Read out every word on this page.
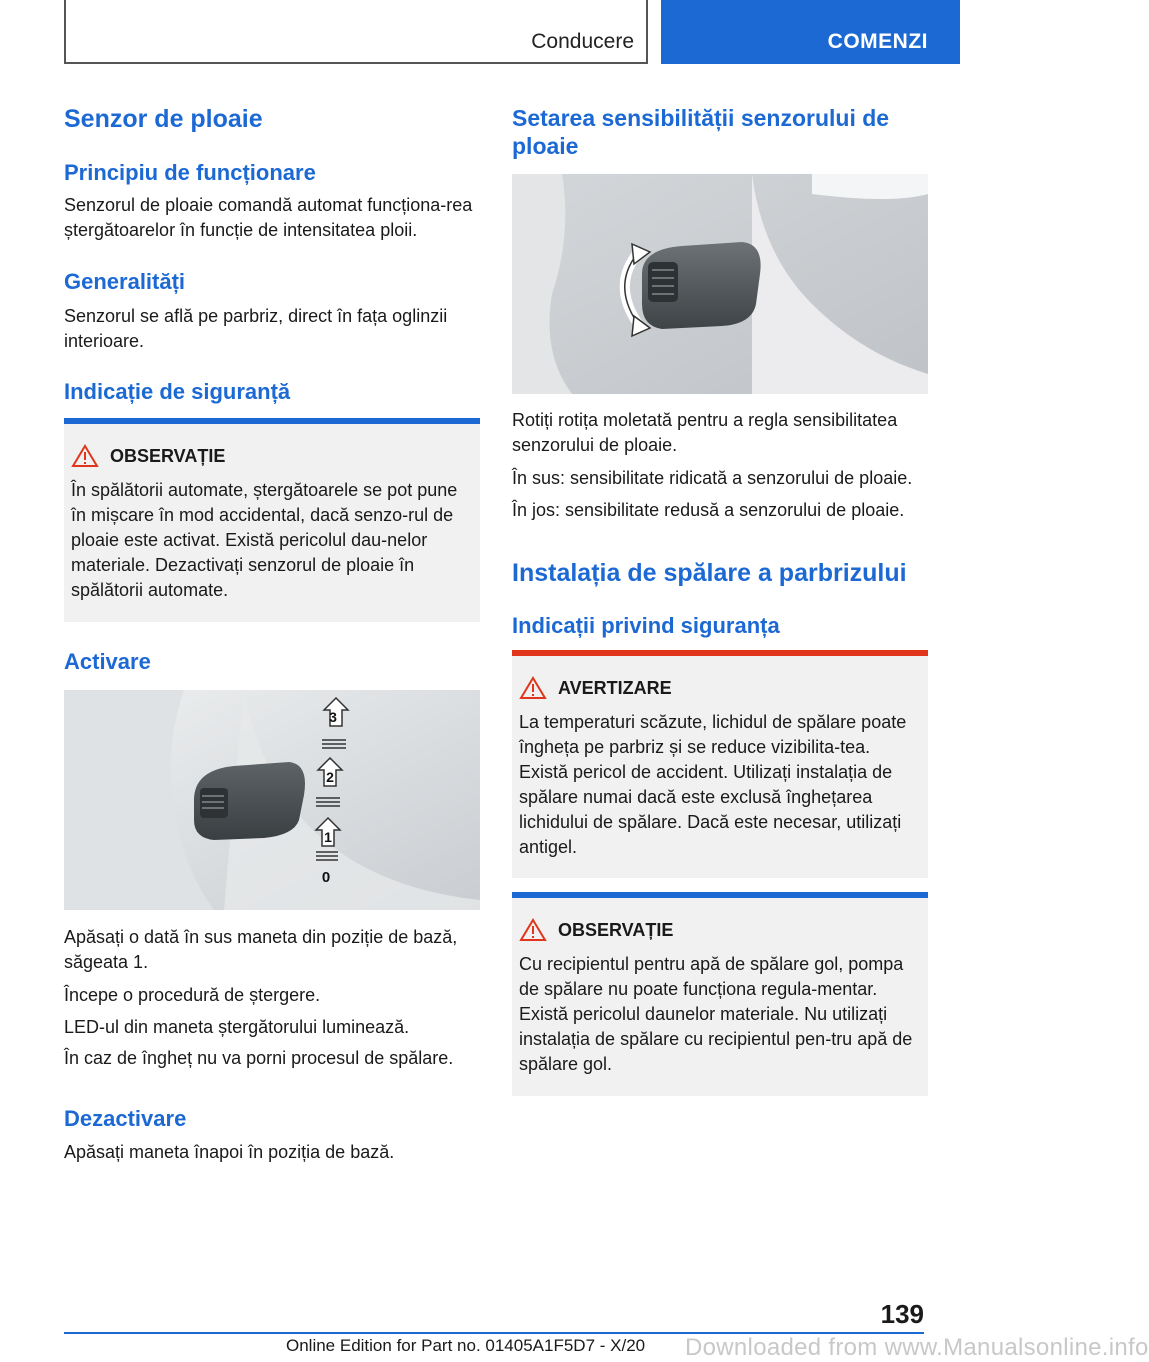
Conducere	COMENZI
Senzor de ploaie
Principiu de funcționare

Senzorul de ploaie comandă automat funcționa-rea ștergătoarelor în funcție de intensitatea ploii.

Generalități

Senzorul se află pe parbriz, direct în fața oglinzii interioare.

Indicație de siguranță
OBSERVAȚIE
În spălătorii automate, ștergătoarele se pot pune în mișcare în mod accidental, dacă senzo-rul de ploaie este activat. Există pericolul dau-nelor materiale. Dezactivați senzorul de ploaie în spălătorii automate.
Activare
3
2
1
0

Apăsați o dată în sus maneta din poziție de bază, săgeata 1.

Începe o procedură de ștergere.

LED-ul din maneta ștergătorului luminează.

În caz de îngheț nu va porni procesul de spălare.

Dezactivare

Apăsați maneta înapoi în poziția de bază.

Setarea sensibilității senzorului de ploaie

Rotiți rotița moletată pentru a regla sensibilitatea senzorului de ploaie.

În sus: sensibilitate ridicată a senzorului de ploaie.

În jos: sensibilitate redusă a senzorului de ploaie.

Instalația de spălare a parbrizului
Indicații privind siguranța
AVERTIZARE
La temperaturi scăzute, lichidul de spălare poate îngheța pe parbriz și se reduce vizibilita-tea. Există pericol de accident. Utilizați instalația de spălare numai dacă este exclusă înghețarea lichidului de spălare. Dacă este necesar, utilizați antigel.
OBSERVAȚIE
Cu recipientul pentru apă de spălare gol, pompa de spălare nu poate funcționa regula-mentar. Există pericolul daunelor materiale. Nu utilizați instalația de spălare cu recipientul pen-tru apă de spălare gol.
139
Online Edition for Part no. 01405A1F5D7 - X/20 Downloaded from www.Manualsonline.info
